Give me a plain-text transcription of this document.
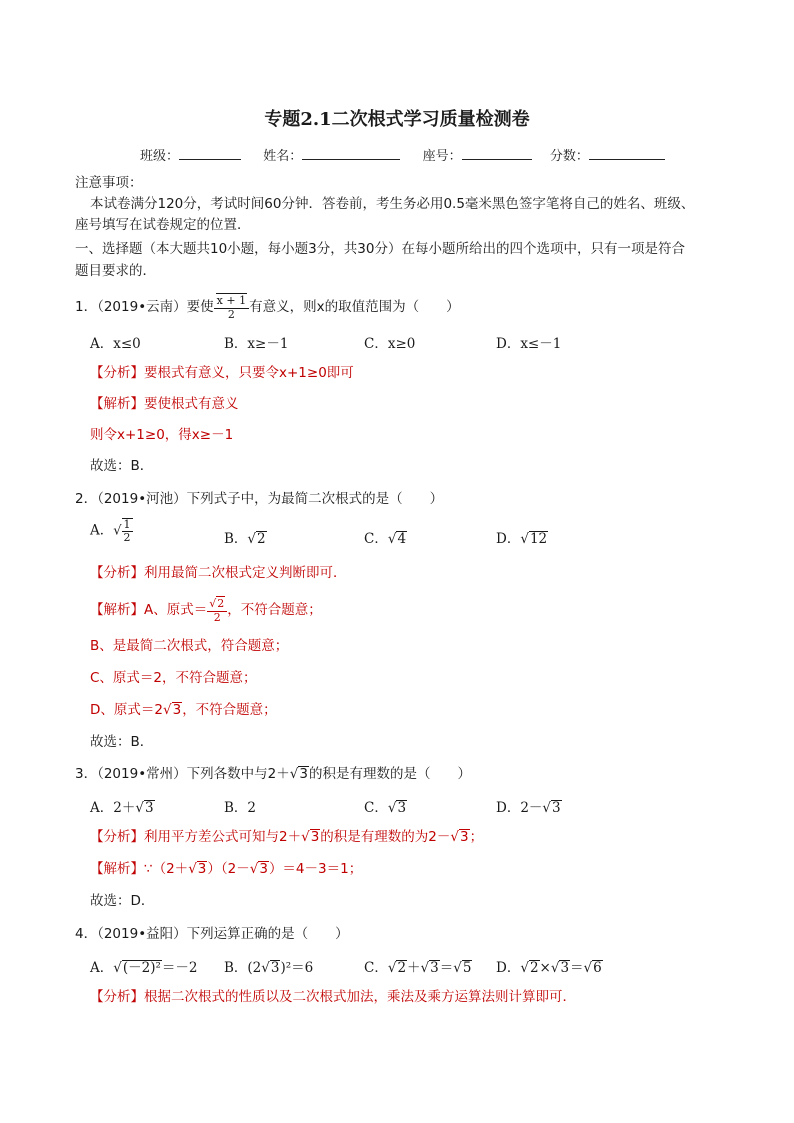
专题2.1二次根式学习质量检测卷
班级：	姓名：	座号：	分数：
注意事项：
本试卷满分120分，考试时间60分钟．答卷前，考生务必用0.5毫米黑色签字笔将自己的姓名、班级、
座号填写在试卷规定的位置．
一、选择题（本大题共10小题，每小题3分，共30分）在每小题所给出的四个选项中，只有一项是符合
题目要求的．
1．（2019•云南）要使 $\frac{x + 1}{2}$ 有意义，则x的取值范围为（　　）
A．x≤0	B．x≥－1	C．x≥0	D．x≤－1
【分析】要根式有意义，只要令x+1≥0即可
【解析】要使根式有意义
则令x+1≥0，得x≥－1
故选：B．
2．（2019•河池）下列式子中，为最简二次根式的是（　　）
A．√ $\frac{1}{2}$	B．√2	C．√4	D．√12
【分析】利用最简二次根式定义判断即可．
【解析】A、原式＝ $\frac{√2}{2}$ ，不符合题意；
B、是最简二次根式，符合题意；
C、原式＝2，不符合题意；
D、原式＝2√3，不符合题意；
故选：B．
3．（2019•常州）下列各数中与2＋√3的积是有理数的是（　　）
A．2＋√3	B．2	C．√3	D．2－√3
【分析】利用平方差公式可知与2＋√3的积是有理数的为2－√3；
【解析】∵（2＋√3）（2－√3）＝4－3＝1；
故选：D．
4．（2019•益阳）下列运算正确的是（　　）
A．√(－2)²＝－2 B．(2√3)²＝6	C．√2＋√3＝√5 D．√2×√3＝√6
【分析】根据二次根式的性质以及二次根式加法，乘法及乘方运算法则计算即可．
